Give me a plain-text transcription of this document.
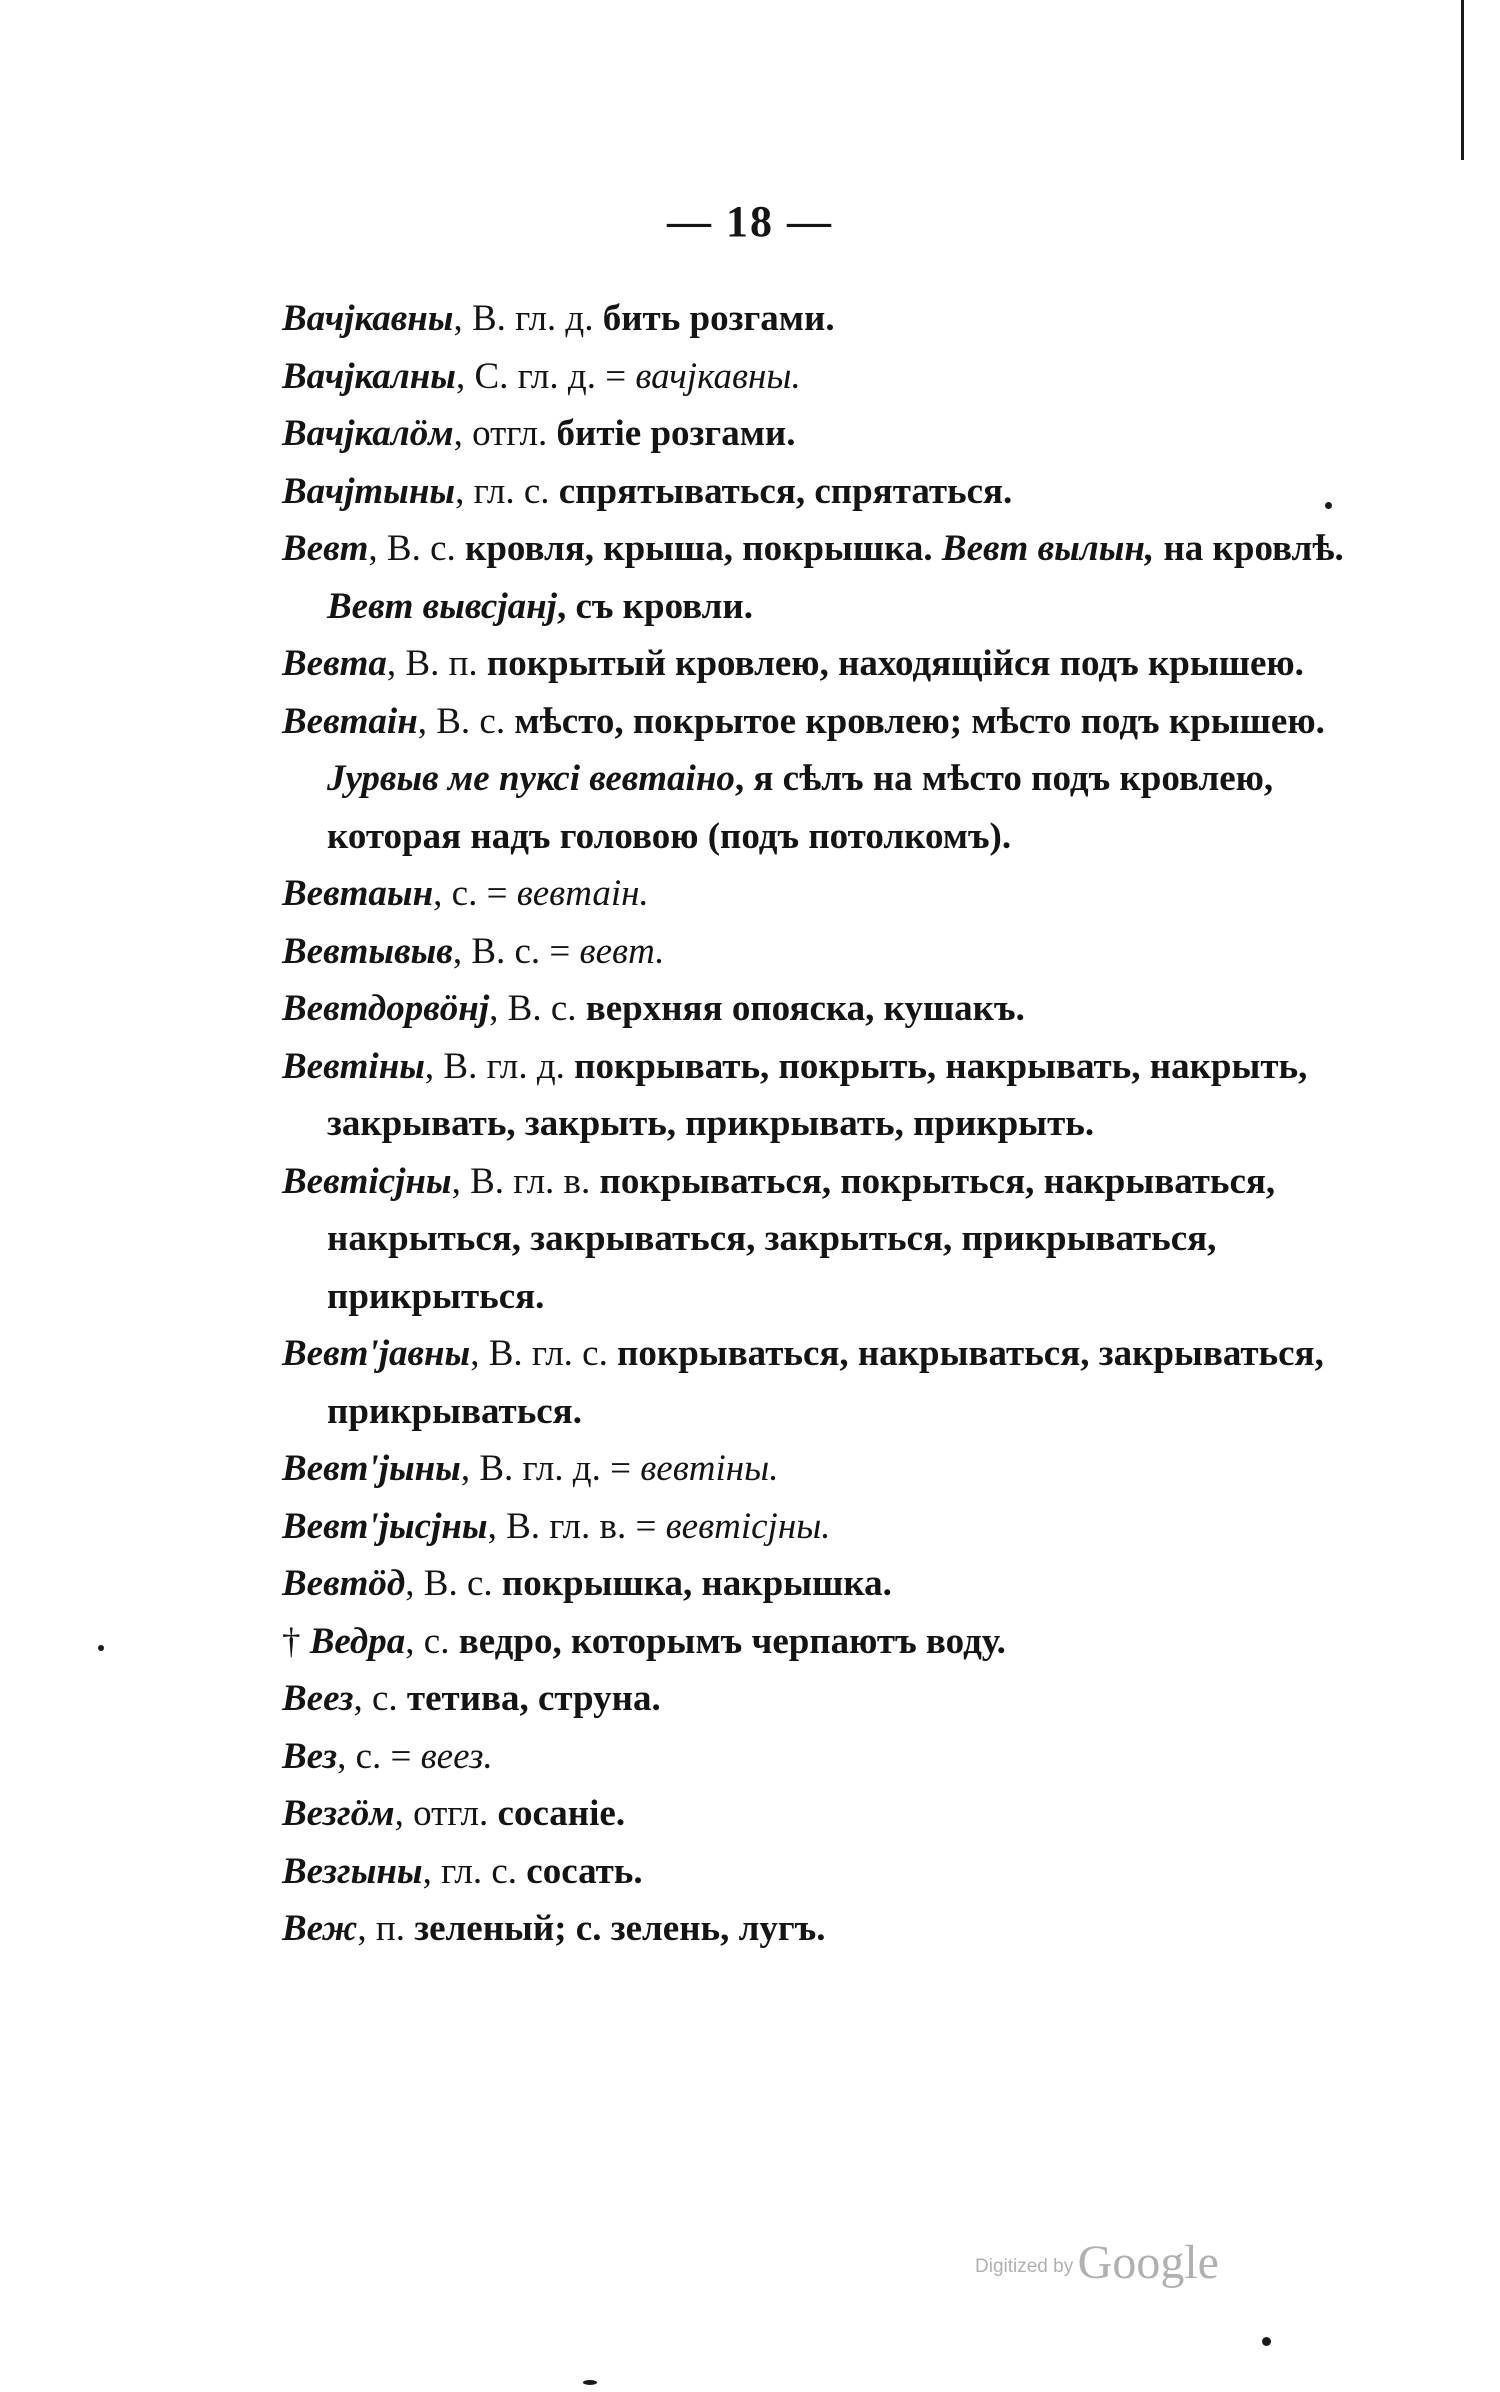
— 18 —

Вачјкавны, В. гл. д. бить розгами.

Вачјкалны, С. гл. д. = вачјкавны.

Вачјкалӧм, отгл. битіе розгами.

Вачјтыны, гл. с. спрятываться, спрятаться.

Вевт, В. с. кровля, крыша, покрышка. Вевт вылын, на кровлѣ. Вевт вывсјанј, съ кровли.

Вевта, В. п. покрытый кровлею, находящійся подъ крышею.

Вевтаін, В. с. мѣсто, покрытое кровлею; мѣсто подъ крышею. Јурвыв ме пуксі вевтаіно, я сѣлъ на мѣсто подъ кровлею, которая надъ головою (подъ потолкомъ).

Вевтаын, с. = вевтаін.

Вевтывыв, В. с. = вевт.

Вевтдорвӧнј, В. с. верхняя опояска, кушакъ.

Вевтіны, В. гл. д. покрывать, покрыть, накрывать, накрыть, закрывать, закрыть, прикрывать, прикрыть.

Вевтісјны, В. гл. в. покрываться, покрыться, накрываться, накрыться, закрываться, закрыться, прикрываться, прикрыться.

Вевт'јавны, В. гл. с. покрываться, накрываться, закрываться, прикрываться.

Вевт'јыны, В. гл. д. = вевтіны.

Вевт'јысјны, В. гл. в. = вевтісјны.

Вевтӧд, В. с. покрышка, накрышка.

† Ведра, с. ведро, которымъ черпаютъ воду.

Веез, с. тетива, струна.

Вез, с. = веез.

Везгӧм, отгл. сосаніе.

Везгыны, гл. с. сосать.

Веж, п. зеленый; с. зелень, лугъ.

Digitized by Google
